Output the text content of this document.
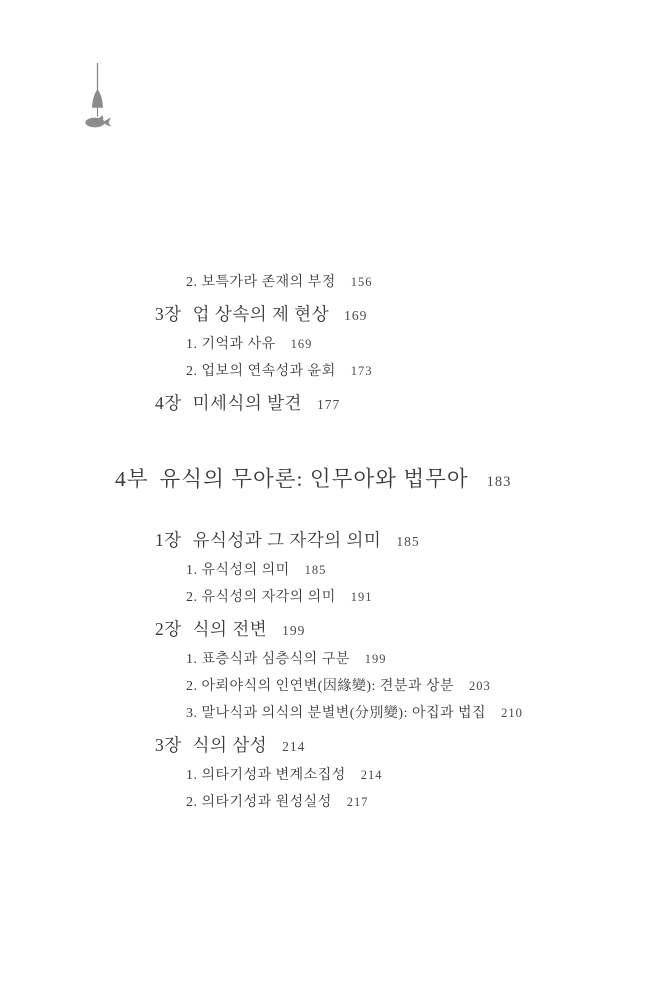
2. 보특가라 존재의 부정 156
3장 업 상속의 제 현상 169
1. 기억과 사유 169
2. 업보의 연속성과 윤회 173
4장 미세식의 발견 177
4부 유식의 무아론: 인무아와 법무아 183
1장 유식성과 그 자각의 의미 185
1. 유식성의 의미 185
2. 유식성의 자각의 의미 191
2장 식의 전변 199
1. 표층식과 심층식의 구분 199
2. 아뢰야식의 인연변(因緣變): 견분과 상분 203
3. 말나식과 의식의 분별변(分別變): 아집과 법집 210
3장 식의 삼성 214
1. 의타기성과 변계소집성 214
2. 의타기성과 원성실성 217
